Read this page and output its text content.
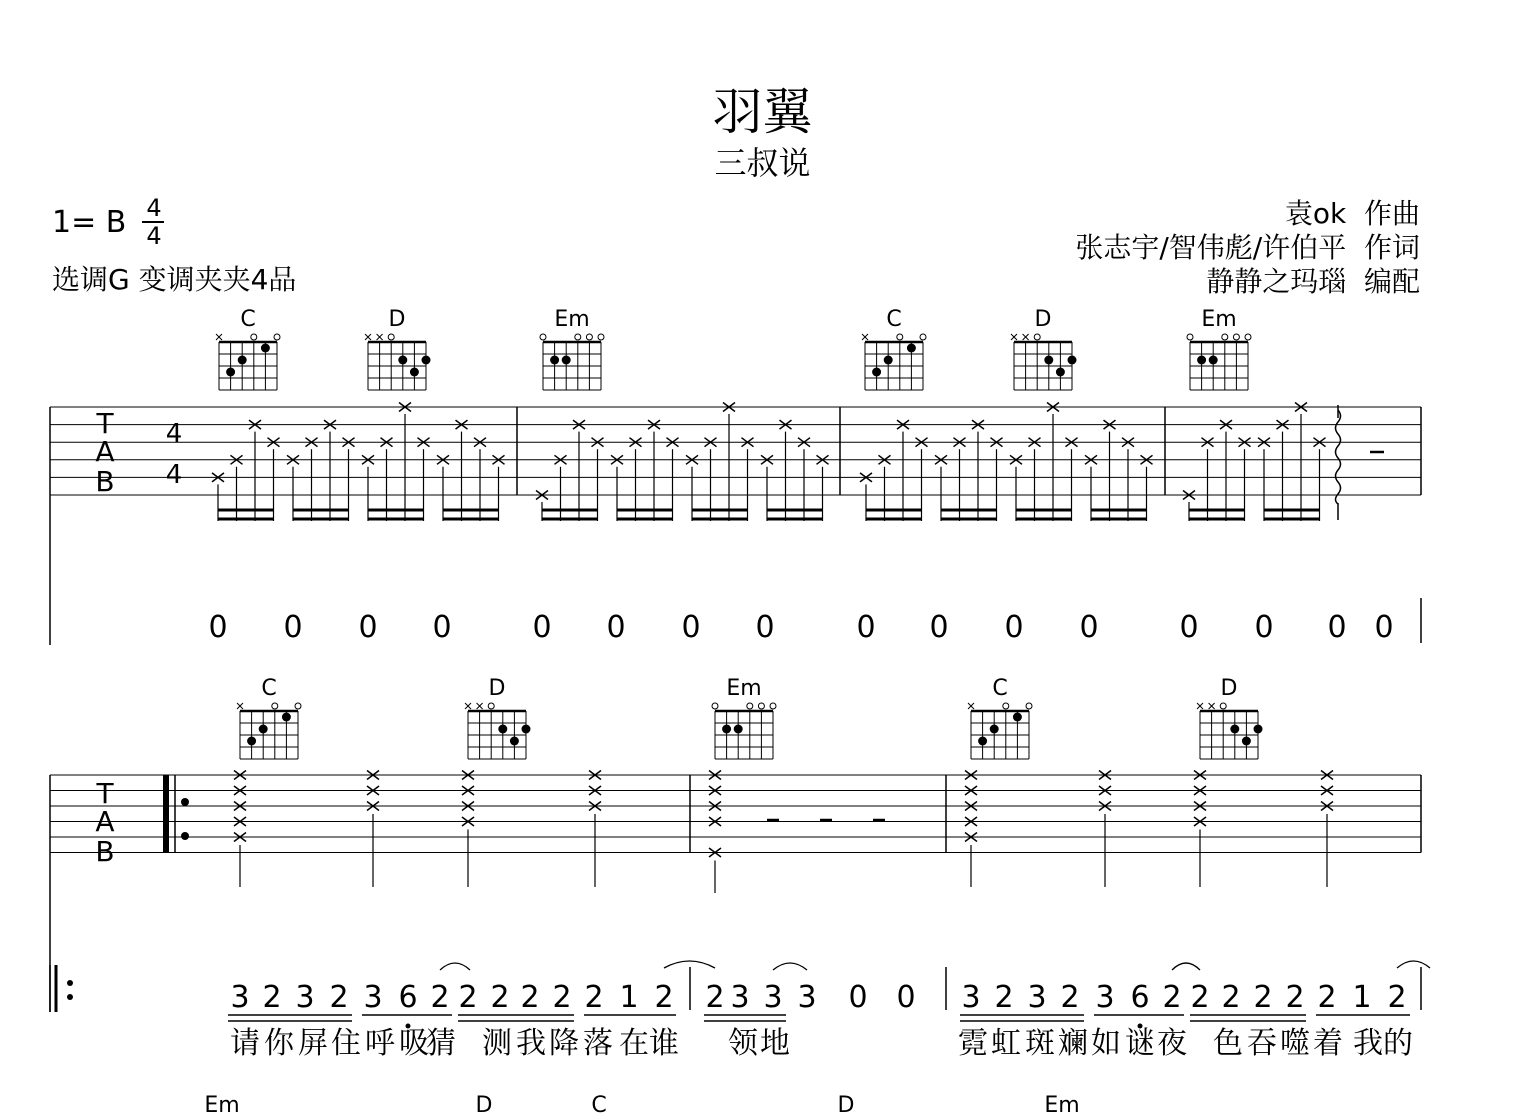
羽翼
三叔说
1= B 4
4
选调G 变调夹夹4品
袁ok  作曲
张志宇/智伟彪/许伯平  作词
静静之玛瑙  编配
T
A
B
4
4
C	D	Em	C	D	Em
0 0 0 0	0 0 0 0	0 0 0 0	0 0 0 0
T
A
B
C	D	Em	C	D
3 2 3 2 3 6 2 2 2 2 2 2 1 2 2 3 3 3 0 0 3 2 3 2 3 6 2 2 2 2 2 2 1 2
请 你 屏 住 呼 吸
猜 测 我 降 落 在 谁 领 地	霓 虹 斑 斓 如 谜 夜 色 吞 噬 着 我 的
Em	D	C	D	Em
